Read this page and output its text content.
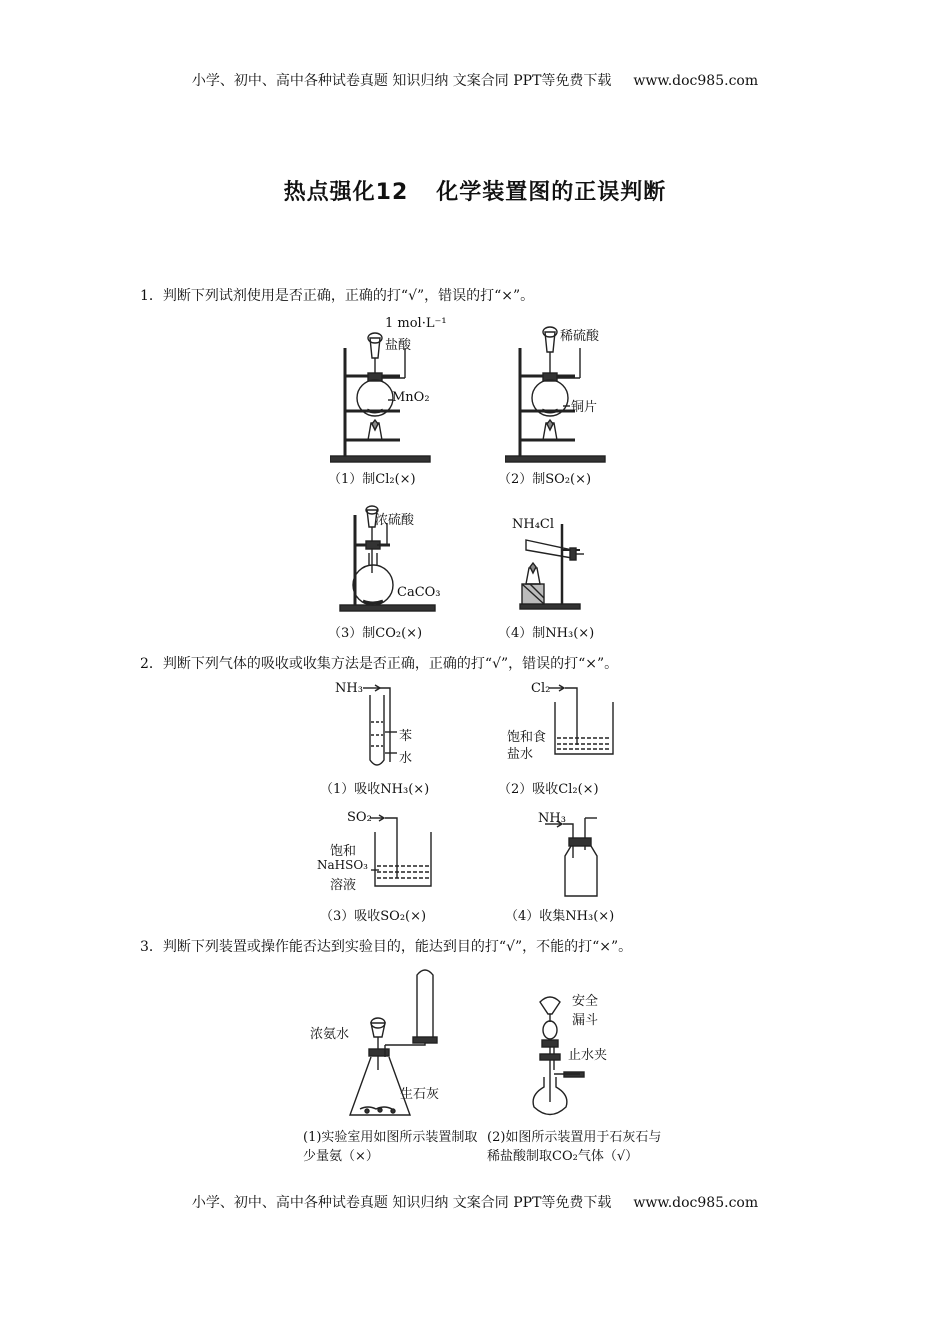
小学、初中、高中各种试卷真题 知识归纳 文案合同 PPT等免费下载 www.doc985.com
热点强化12 化学装置图的正误判断
1．判断下列试剂使用是否正确，正确的打“√”，错误的打“×”。
1 mol·L⁻¹
盐酸
MnO₂
（1）制Cl₂(×)
稀硫酸
铜片
（2）制SO₂(×)
浓硫酸
CaCO₃
（3）制CO₂(×)
NH₄Cl
（4）制NH₃(×)
2．判断下列气体的吸收或收集方法是否正确，正确的打“√”，错误的打“×”。
NH₃
苯
水
（1）吸收NH₃(×)
Cl₂
饱和食
盐水
（2）吸收Cl₂(×)
SO₂
饱和
NaHSO₃
溶液
（3）吸收SO₂(×)
NH₃
（4）收集NH₃(×)
3．判断下列装置或操作能否达到实验目的，能达到目的打“√”，不能的打“×”。
浓氨水
生石灰
(1)实验室用如图所示装置制取少量氨（×）
安全
漏斗
止水夹
(2)如图所示装置用于石灰石与稀盐酸制取CO₂气体（√）
小学、初中、高中各种试卷真题 知识归纳 文案合同 PPT等免费下载 www.doc985.com
